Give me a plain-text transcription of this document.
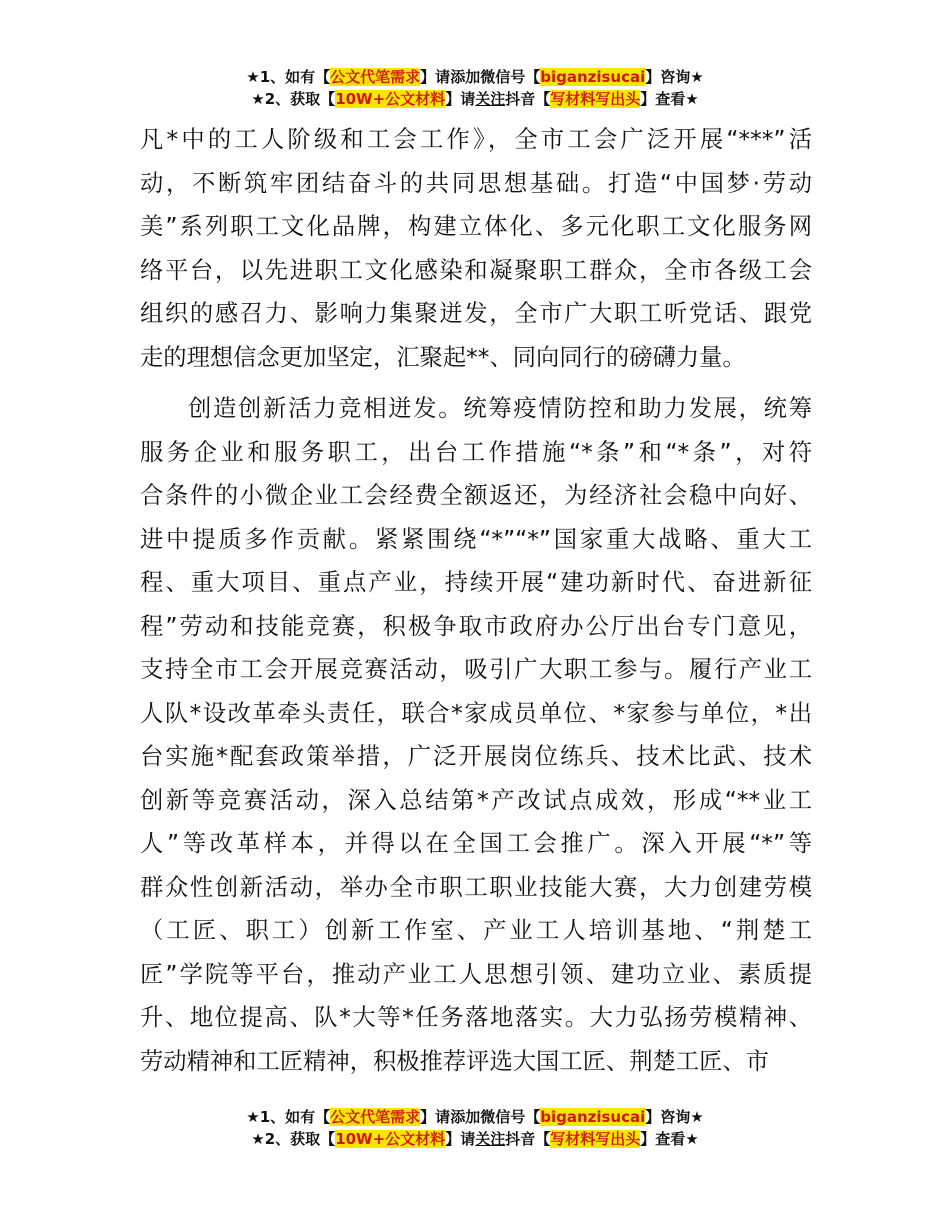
★1、如有【公文代笔需求】请添加微信号【biganzisucai】咨询★
★2、获取【10W+公文材料】请关注抖音【写材料写出头】查看★
凡*中的工人阶级和工会工作》，全市工会广泛开展“***”活
动，不断筑牢团结奋斗的共同思想基础。打造“中国梦·劳动
美”系列职工文化品牌，构建立体化、多元化职工文化服务网
络平台，以先进职工文化感染和凝聚职工群众，全市各级工会
组织的感召力、影响力集聚迸发，全市广大职工听党话、跟党
走的理想信念更加坚定，汇聚起**、同向同行的磅礴力量。
创造创新活力竞相迸发。统筹疫情防控和助力发展，统筹
服务企业和服务职工，出台工作措施“*条”和“*条”，对符
合条件的小微企业工会经费全额返还，为经济社会稳中向好、
进中提质多作贡献。紧紧围绕“*”“*”国家重大战略、重大工
程、重大项目、重点产业，持续开展“建功新时代、奋进新征
程”劳动和技能竞赛，积极争取市政府办公厅出台专门意见，
支持全市工会开展竞赛活动，吸引广大职工参与。履行产业工
人队*设改革牵头责任，联合*家成员单位、*家参与单位，*出
台实施*配套政策举措，广泛开展岗位练兵、技术比武、技术
创新等竞赛活动，深入总结第*产改试点成效，形成“**业工
人”等改革样本，并得以在全国工会推广。深入开展“*”等
群众性创新活动，举办全市职工职业技能大赛，大力创建劳模
（工匠、职工）创新工作室、产业工人培训基地、“荆楚工
匠”学院等平台，推动产业工人思想引领、建功立业、素质提
升、地位提高、队*大等*任务落地落实。大力弘扬劳模精神、
劳动精神和工匠精神，积极推荐评选大国工匠、荆楚工匠、市
★1、如有【公文代笔需求】请添加微信号【biganzisucai】咨询★
★2、获取【10W+公文材料】请关注抖音【写材料写出头】查看★
